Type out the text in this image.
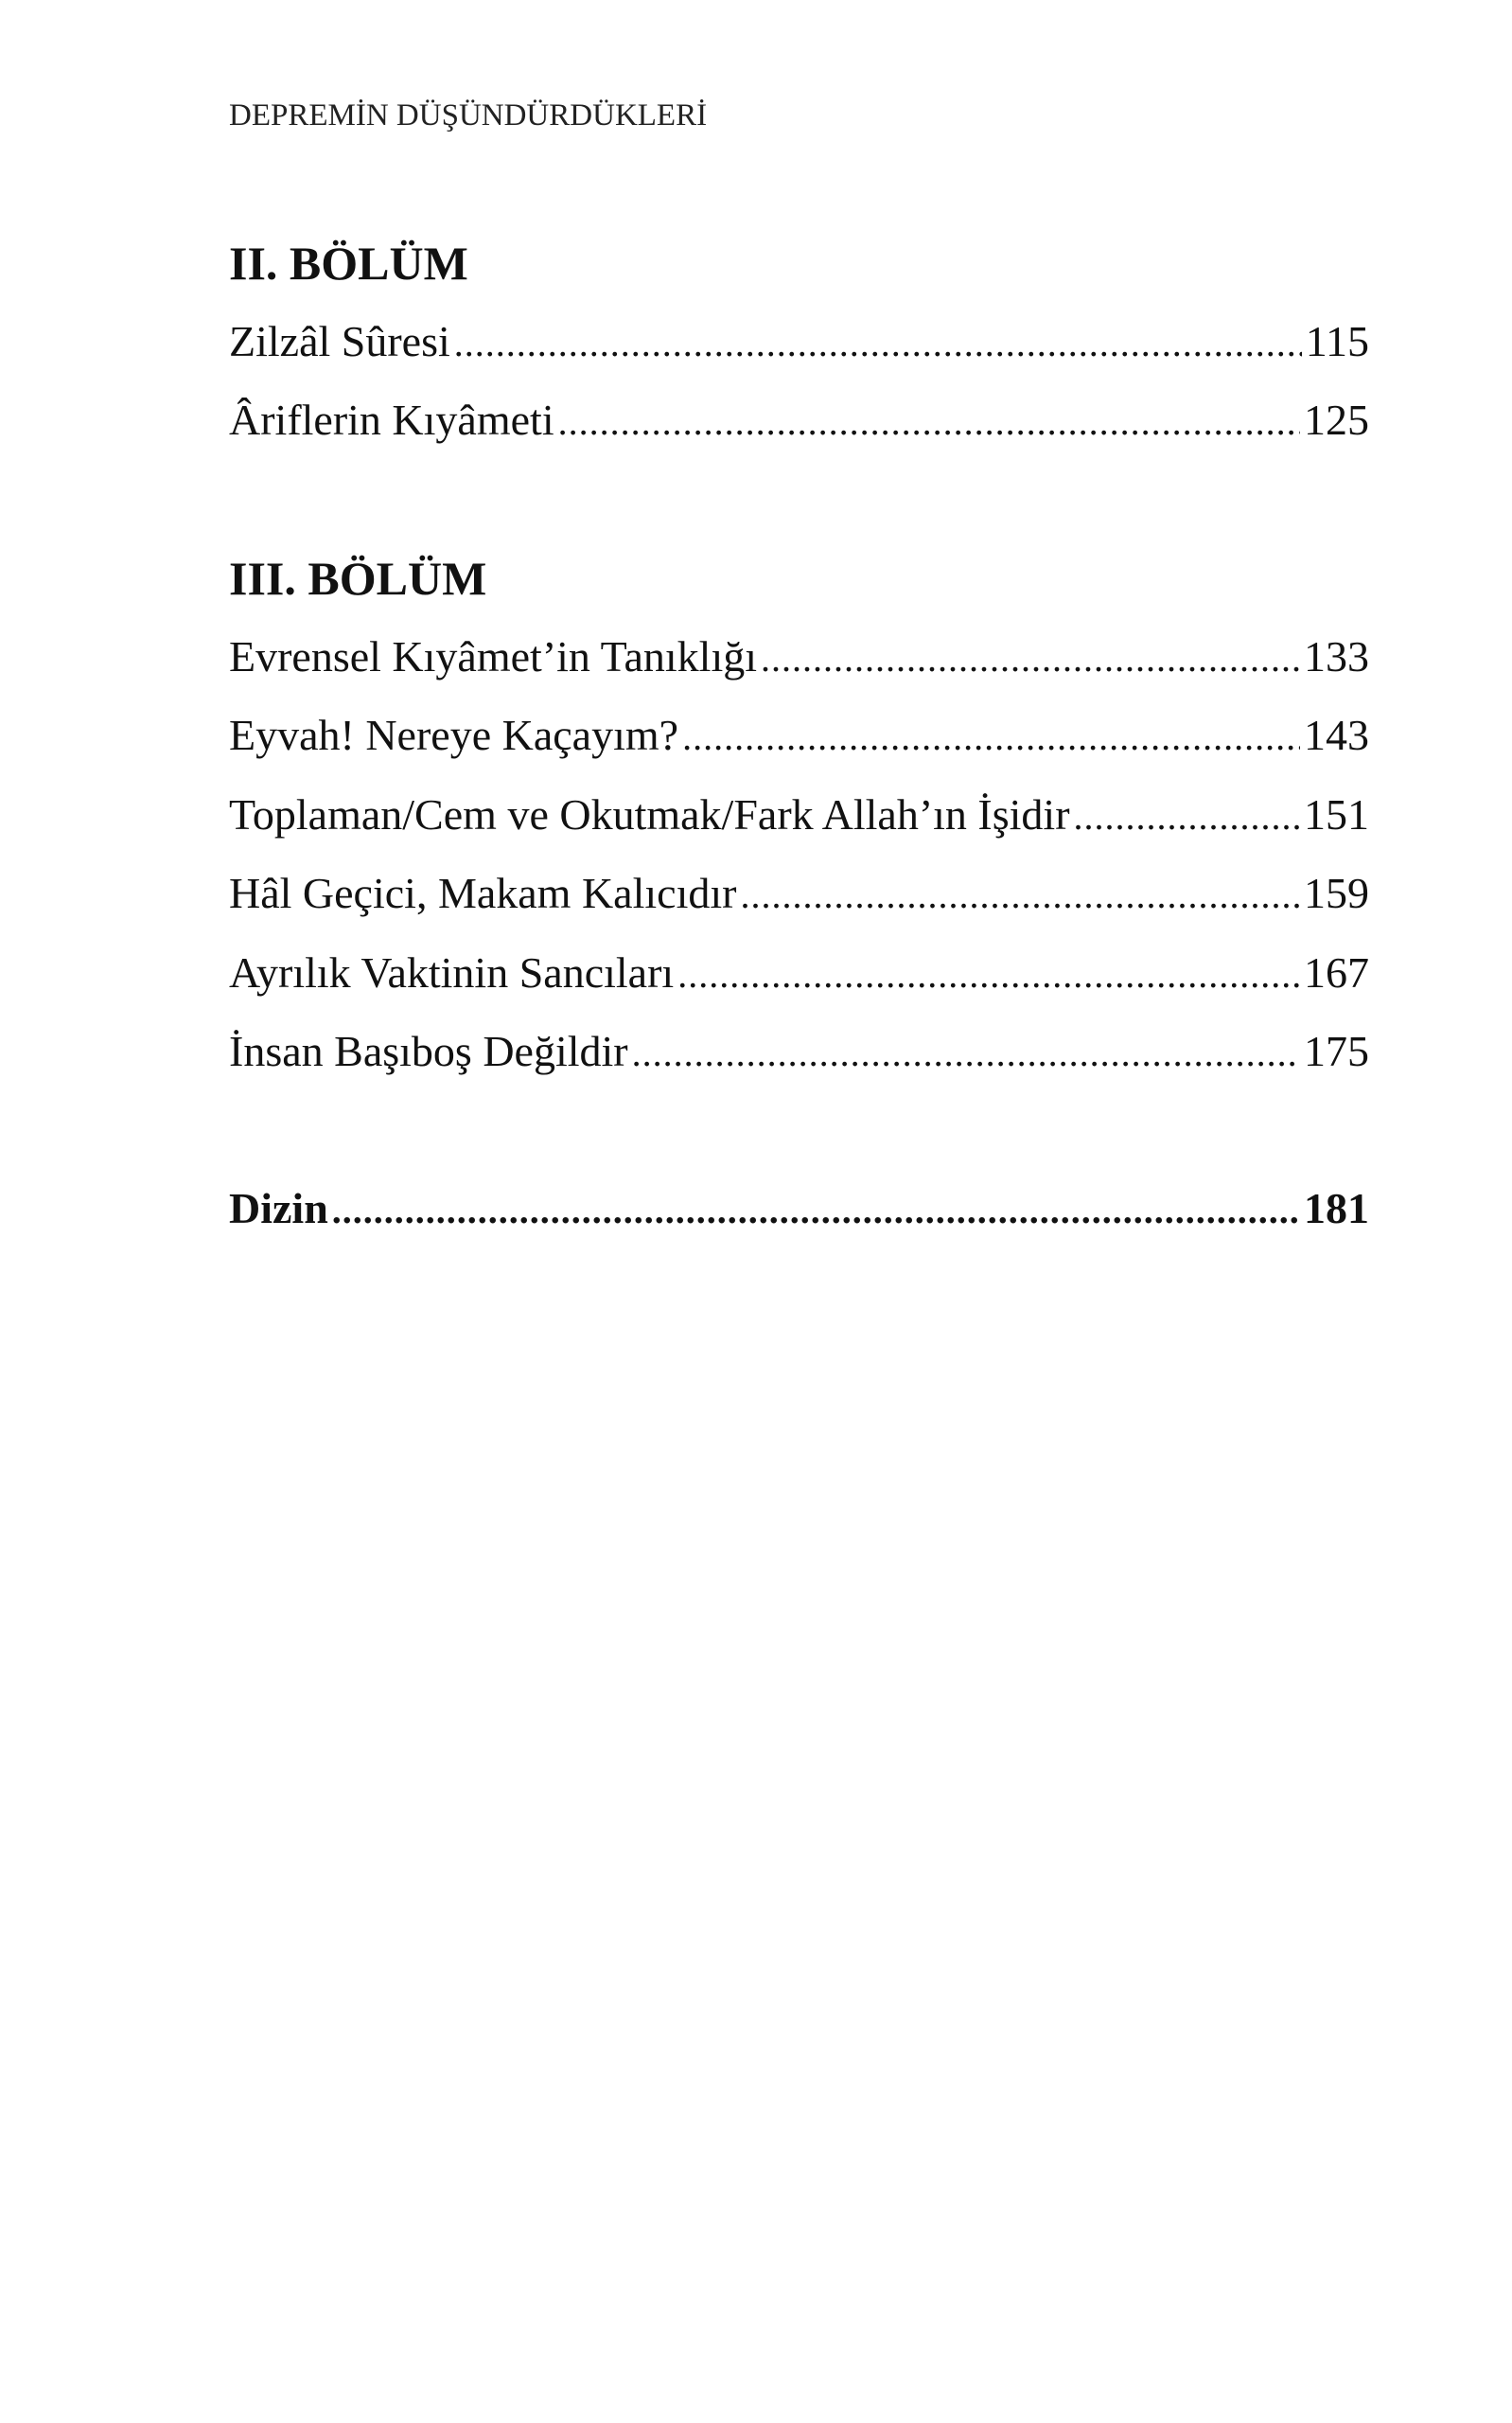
DEPREMİN DÜŞÜNDÜRDÜKLERİ
II. BÖLÜM
Zilzâl Sûresi .....	115
Âriflerin Kıyâmeti .....	125
III. BÖLÜM
Evrensel Kıyâmet’in Tanıklığı .....	133
Eyvah! Nereye Kaçayım? .....	143
Toplaman/Cem ve Okutmak/Fark Allah’ın İşidir .....	151
Hâl Geçici, Makam Kalıcıdır .....	159
Ayrılık Vaktinin Sancıları .....	167
İnsan Başıboş Değildir .....	175
Dizin .....	181
